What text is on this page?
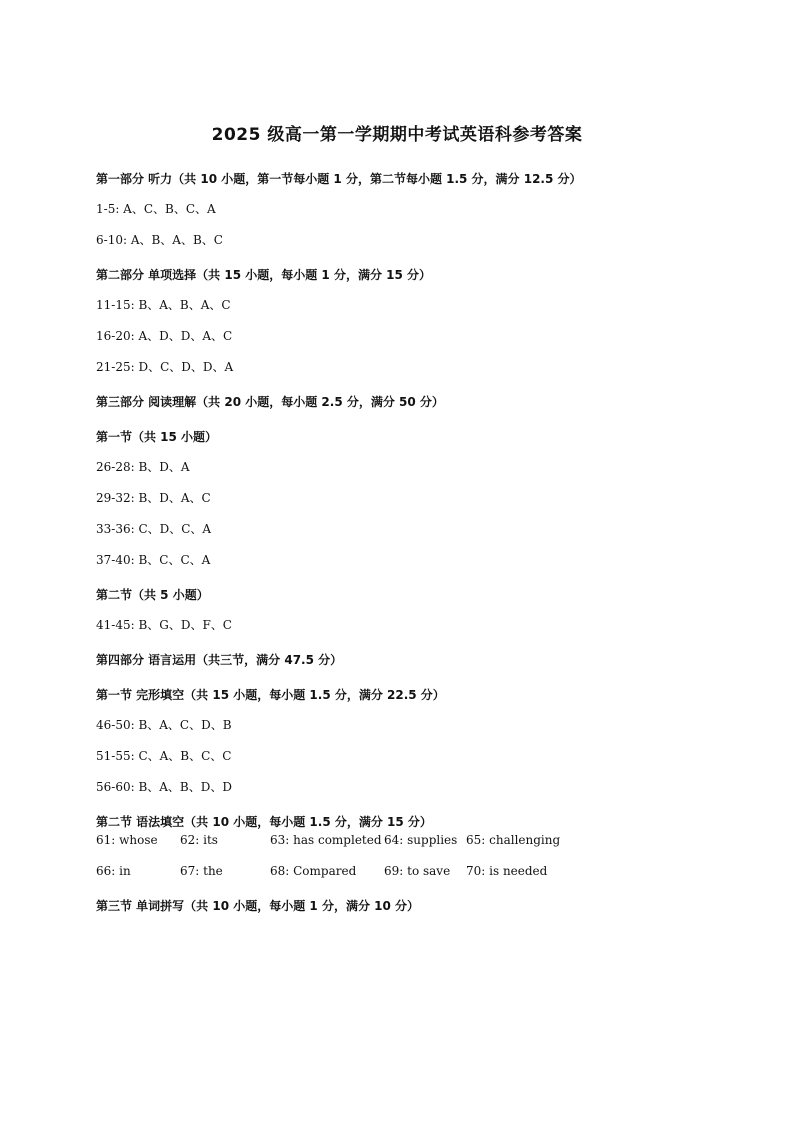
2025 级高一第一学期期中考试英语科参考答案
第一部分 听力（共 10 小题，第一节每小题 1 分，第二节每小题 1.5 分，满分 12.5 分）
1-5: A、C、B、C、A
6-10: A、B、A、B、C
第二部分 单项选择（共 15 小题，每小题 1 分，满分 15 分）
11-15: B、A、B、A、C
16-20: A、D、D、A、C
21-25: D、C、D、D、A
第三部分 阅读理解（共 20 小题，每小题 2.5 分，满分 50 分）
第一节（共 15 小题）
26-28: B、D、A
29-32: B、D、A、C
33-36: C、D、C、A
37-40: B、C、C、A
第二节（共 5 小题）
41-45: B、G、D、F、C
第四部分 语言运用（共三节，满分 47.5 分）
第一节 完形填空（共 15 小题，每小题 1.5 分，满分 22.5 分）
46-50: B、A、C、D、B
51-55: C、A、B、C、C
56-60: B、A、B、D、D
第二节 语法填空（共 10 小题，每小题 1.5 分，满分 15 分）
61: whose	62: its	63: has completed 64: supplies 65: challenging
66: in	67: the	68: Compared	69: to save	70: is needed
第三节 单词拼写（共 10 小题，每小题 1 分，满分 10 分）
